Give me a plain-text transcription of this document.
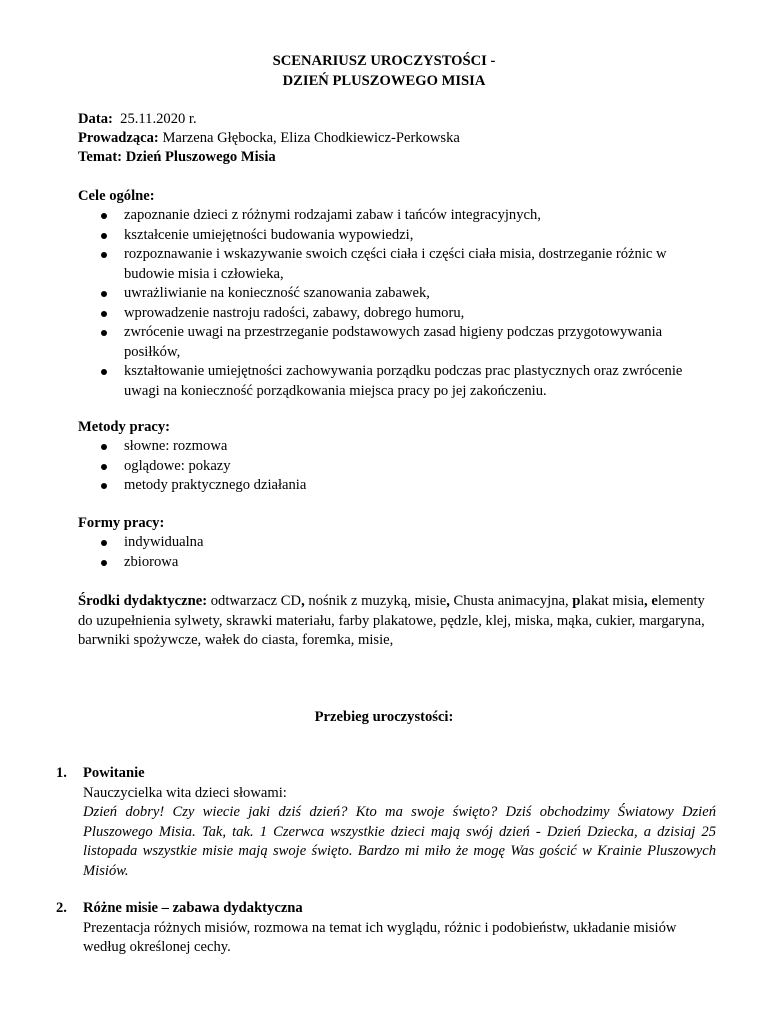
SCENARIUSZ UROCZYSTOŚCI -
DZIEŃ PLUSZOWEGO MISIA
Data: 25.11.2020 r.
Prowadząca: Marzena Głębocka, Eliza Chodkiewicz-Perkowska
Temat: Dzień Pluszowego Misia
Cele ogólne:
zapoznanie dzieci z różnymi rodzajami zabaw i tańców integracyjnych,
kształcenie umiejętności budowania wypowiedzi,
rozpoznawanie i wskazywanie swoich części ciała i części ciała misia, dostrzeganie różnic w budowie misia i człowieka,
uwrażliwianie na konieczność szanowania zabawek,
wprowadzenie nastroju radości, zabawy, dobrego humoru,
zwrócenie uwagi na przestrzeganie podstawowych zasad higieny podczas przygotowywania posiłków,
kształtowanie umiejętności zachowywania porządku podczas prac plastycznych oraz zwrócenie uwagi na konieczność porządkowania miejsca pracy po jej zakończeniu.
Metody pracy:
słowne: rozmowa
oglądowe: pokazy
metody praktycznego działania
Formy pracy:
indywidualna
zbiorowa
Środki dydaktyczne: odtwarzacz CD, nośnik z muzyką, misie, Chusta animacyjna, plakat misia, elementy do uzupełnienia sylwety, skrawki materiału, farby plakatowe, pędzle, klej, miska, mąka, cukier, margaryna, barwniki spożywcze, wałek do ciasta, foremka, misie,
Przebieg uroczystości:
1. Powitanie
Nauczycielka wita dzieci słowami:
Dzień dobry! Czy wiecie jaki dziś dzień? Kto ma swoje święto? Dziś obchodzimy Światowy Dzień Pluszowego Misia. Tak, tak. 1 Czerwca wszystkie dzieci mają swój dzień - Dzień Dziecka, a dzisiaj 25 listopada wszystkie misie mają swoje święto. Bardzo mi miło że mogę Was gościć w Krainie Pluszowych Misiów.
2. Różne misie – zabawa dydaktyczna
Prezentacja różnych misiów, rozmowa na temat ich wyglądu, różnic i podobieństw, układanie misiów według określonej cechy.
